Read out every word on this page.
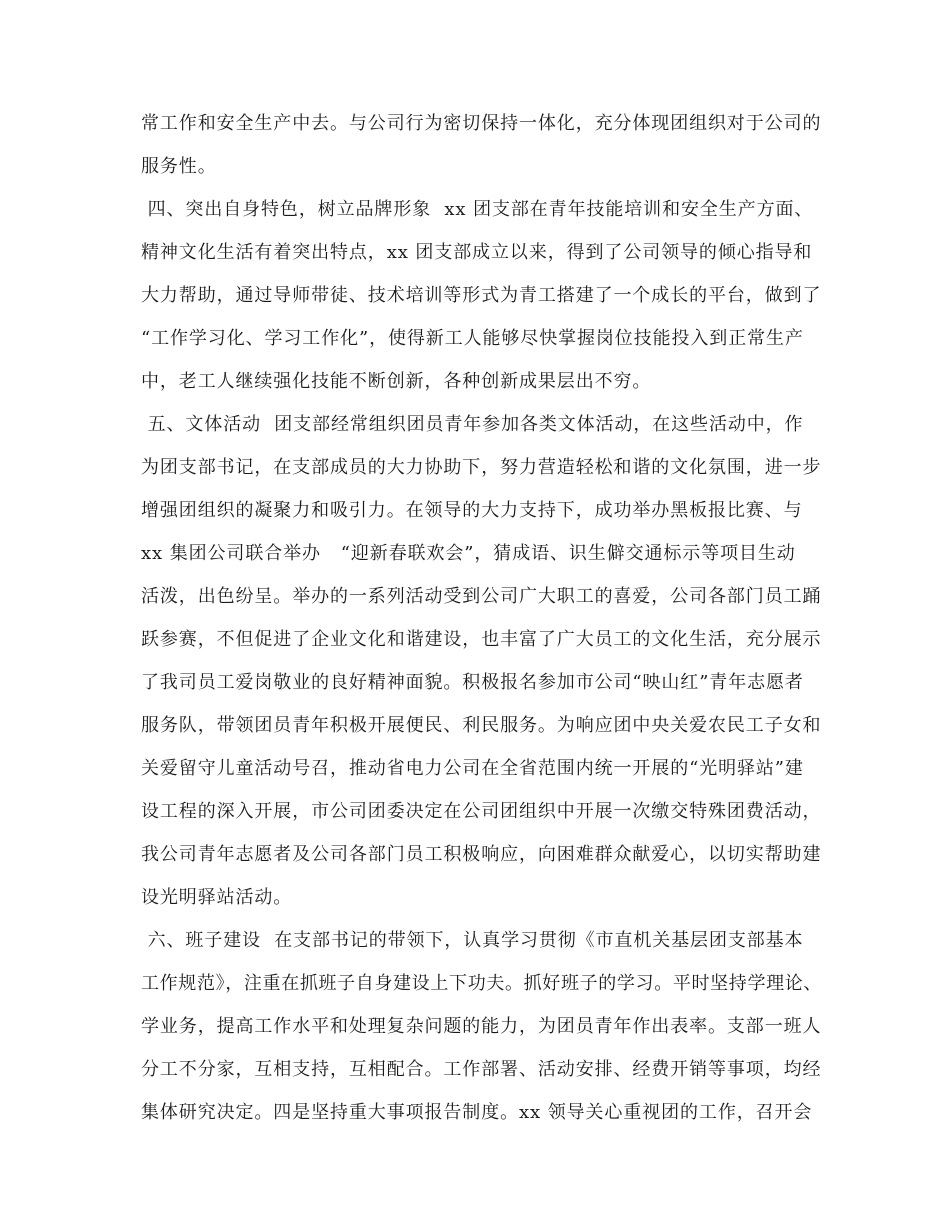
常工作和安全生产中去。与公司行为密切保持一体化，充分体现团组织对于公司的
服务性。
四、突出自身特色，树立品牌形象  xx 团支部在青年技能培训和安全生产方面、
精神文化生活有着突出特点，xx 团支部成立以来，得到了公司领导的倾心指导和
大力帮助，通过导师带徒、技术培训等形式为青工搭建了一个成长的平台，做到了
“工作学习化、学习工作化”，使得新工人能够尽快掌握岗位技能投入到正常生产
中，老工人继续强化技能不断创新，各种创新成果层出不穷。
五、文体活动  团支部经常组织团员青年参加各类文体活动，在这些活动中，作
为团支部书记，在支部成员的大力协助下，努力营造轻松和谐的文化氛围，进一步
增强团组织的凝聚力和吸引力。在领导的大力支持下，成功举办黑板报比赛、与
xx 集团公司联合举办   “迎新春联欢会”，猜成语、识生僻交通标示等项目生动
活泼，出色纷呈。举办的一系列活动受到公司广大职工的喜爱，公司各部门员工踊
跃参赛，不但促进了企业文化和谐建设，也丰富了广大员工的文化生活，充分展示
了我司员工爱岗敬业的良好精神面貌。积极报名参加市公司“映山红”青年志愿者
服务队，带领团员青年积极开展便民、利民服务。为响应团中央关爱农民工子女和
关爱留守儿童活动号召，推动省电力公司在全省范围内统一开展的“光明驿站”建
设工程的深入开展，市公司团委决定在公司团组织中开展一次缴交特殊团费活动，
我公司青年志愿者及公司各部门员工积极响应，向困难群众献爱心，以切实帮助建
设光明驿站活动。
六、班子建设  在支部书记的带领下，认真学习贯彻《市直机关基层团支部基本
工作规范》，注重在抓班子自身建设上下功夫。抓好班子的学习。平时坚持学理论、
学业务，提高工作水平和处理复杂问题的能力，为团员青年作出表率。支部一班人
分工不分家，互相支持，互相配合。工作部署、活动安排、经费开销等事项，均经
集体研究决定。四是坚持重大事项报告制度。xx 领导关心重视团的工作，召开会
